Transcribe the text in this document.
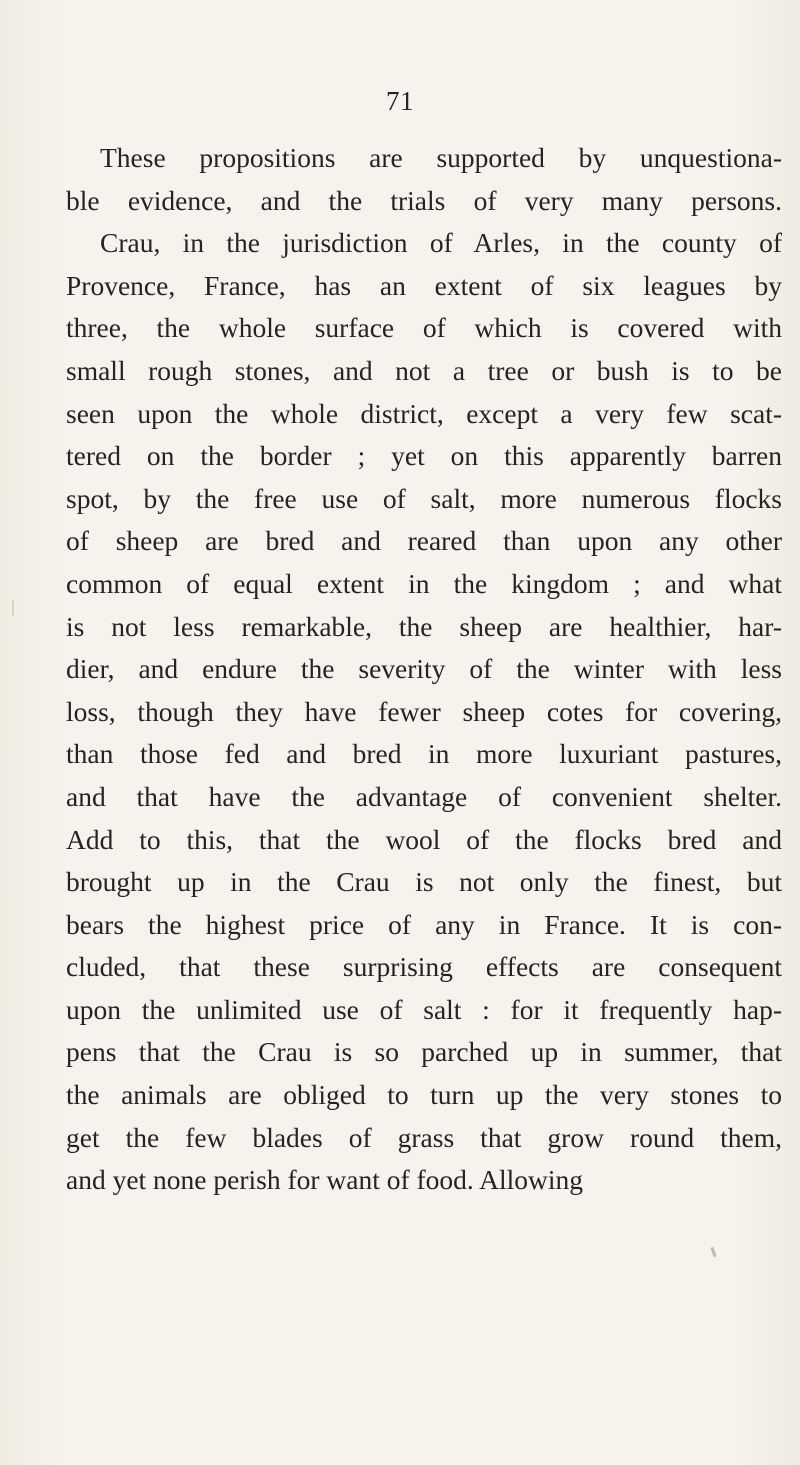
71
These propositions are supported by unquestiona-
ble evidence, and the trials of very many persons.
Crau, in the jurisdiction of Arles, in the county of
Provence, France, has an extent of six leagues by
three, the whole surface of which is covered with
small rough stones, and not a tree or bush is to be
seen upon the whole district, except a very few scat-
tered on the border ; yet on this apparently barren
spot, by the free use of salt, more numerous flocks
of sheep are bred and reared than upon any other
common of equal extent in the kingdom ; and what
is not less remarkable, the sheep are healthier, har-
dier, and endure the severity of the winter with less
loss, though they have fewer sheep cotes for covering,
than those fed and bred in more luxuriant pastures,
and that have the advantage of convenient shelter.
Add to this, that the wool of the flocks bred and
brought up in the Crau is not only the finest, but
bears the highest price of any in France. It is con-
cluded, that these surprising effects are consequent
upon the unlimited use of salt : for it frequently hap-
pens that the Crau is so parched up in summer, that
the animals are obliged to turn up the very stones to
get the few blades of grass that grow round them,
and yet none perish for want of food. Allowing
